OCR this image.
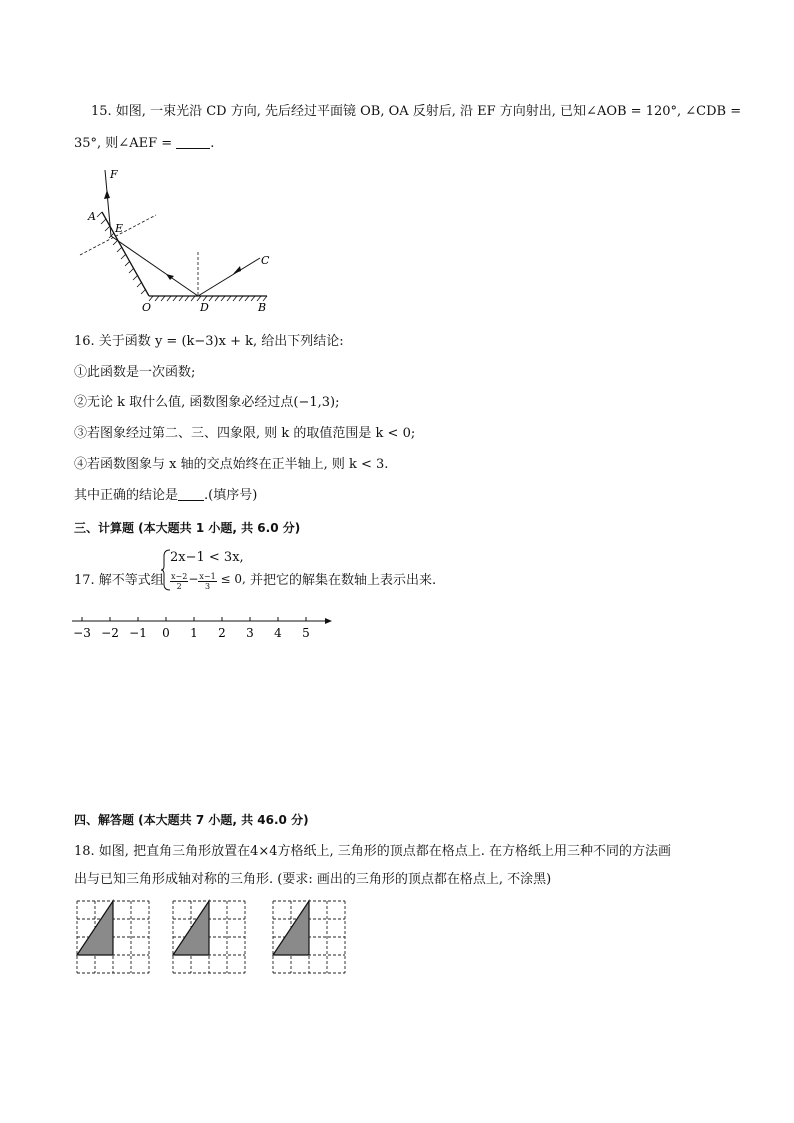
15. 如图, 一束光沿 CD 方向, 先后经过平面镜 OB, OA 反射后, 沿 EF 方向射出, 已知∠AOB = 120°, ∠CDB =
35°, 则∠AEF =	.
F
A
E
C
O	D	B
16. 关于函数 y = (k−3)x + k, 给出下列结论:
①此函数是一次函数;
②无论 k 取什么值, 函数图象必经过点(−1,3);
③若图象经过第二、三、四象限, 则 k 的取值范围是 k < 0;
④若函数图象与 x 轴的交点始终在正半轴上, 则 k < 3.
其中正确的结论是 .(填序号)
三、计算题 (本大题共 1 小题, 共 6.0 分)
17. 解不等式组
2x−1 < 3x,
$\frac{x-2}{2} - \frac{x-1}{3} \le 0$, 并把它的解集在数轴上表示出来.
−3 −2 −1 0 1 2 3 4 5
四、解答题 (本大题共 7 小题, 共 46.0 分)
18. 如图, 把直角三角形放置在4×4方格纸上, 三角形的顶点都在格点上. 在方格纸上用三种不同的方法画
出与已知三角形成轴对称的三角形. (要求: 画出的三角形的顶点都在格点上, 不涂黑)
